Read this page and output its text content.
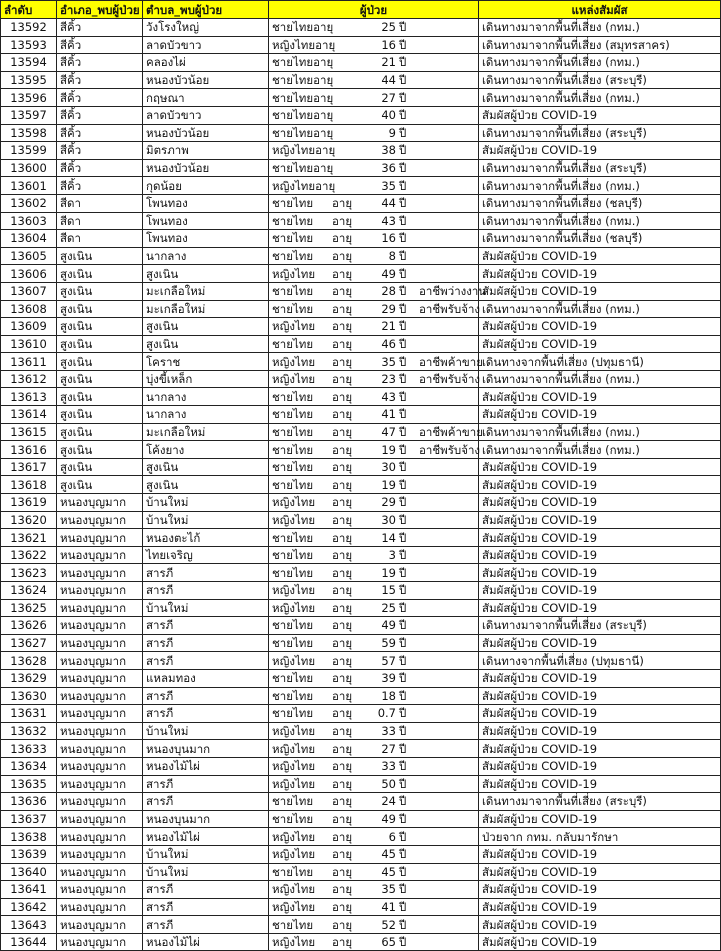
ลำดับ	อำเภอ_พบผู้ป่วย	ตำบล_พบผู้ป่วย	ผู้ป่วย	แหล่งสัมผัส
13592	สีคิ้ว	วังโรงใหญ่	ชายไทยอายุ 25 ปี	เดินทางมาจากพื้นที่เสี่ยง (กทม.)
13593	สีคิ้ว	ลาดบัวขาว	หญิงไทยอายุ 16 ปี	เดินทางมาจากพื้นที่เสี่ยง (สมุทรสาคร)
13594	สีคิ้ว	คลองไผ่	ชายไทยอายุ 21 ปี	เดินทางมาจากพื้นที่เสี่ยง (กทม.)
13595	สีคิ้ว	หนองบัวน้อย	ชายไทยอายุ 44 ปี	เดินทางมาจากพื้นที่เสี่ยง (สระบุรี)
13596	สีคิ้ว	กฤษณา	ชายไทยอายุ 27 ปี	เดินทางมาจากพื้นที่เสี่ยง (กทม.)
13597	สีคิ้ว	ลาดบัวขาว	ชายไทยอายุ 40 ปี	สัมผัสผู้ป่วย COVID-19
13598	สีคิ้ว	หนองบัวน้อย	ชายไทยอายุ 9 ปี	เดินทางมาจากพื้นที่เสี่ยง (สระบุรี)
13599	สีคิ้ว	มิตรภาพ	หญิงไทยอายุ 38 ปี	สัมผัสผู้ป่วย COVID-19
13600	สีคิ้ว	หนองบัวน้อย	ชายไทยอายุ 36 ปี	เดินทางมาจากพื้นที่เสี่ยง (สระบุรี)
13601	สีคิ้ว	กุดน้อย	หญิงไทยอายุ 35 ปี	เดินทางมาจากพื้นที่เสี่ยง (กทม.)
13602	สีดา	โพนทอง	ชายไทย อายุ 44 ปี	เดินทางมาจากพื้นที่เสี่ยง (ชลบุรี)
13603	สีดา	โพนทอง	ชายไทย อายุ 43 ปี	เดินทางมาจากพื้นที่เสี่ยง (กทม.)
13604	สีดา	โพนทอง	ชายไทย อายุ 16 ปี	เดินทางมาจากพื้นที่เสี่ยง (ชลบุรี)
13605	สูงเนิน	นากลาง	ชายไทย อายุ 8 ปี	สัมผัสผู้ป่วย COVID-19
13606	สูงเนิน	สูงเนิน	หญิงไทย อายุ 49 ปี	สัมผัสผู้ป่วย COVID-19
13607	สูงเนิน	มะเกลือใหม่	ชายไทย อายุ 28 ปี อาชีพว่างงาน	สัมผัสผู้ป่วย COVID-19
13608	สูงเนิน	มะเกลือใหม่	ชายไทย อายุ 29 ปี อาชีพรับจ้าง	เดินทางมาจากพื้นที่เสี่ยง (กทม.)
13609	สูงเนิน	สูงเนิน	หญิงไทย อายุ 21 ปี	สัมผัสผู้ป่วย COVID-19
13610	สูงเนิน	สูงเนิน	ชายไทย อายุ 46 ปี	สัมผัสผู้ป่วย COVID-19
13611	สูงเนิน	โคราช	หญิงไทย อายุ 35 ปี อาชีพค้าขาย	เดินทางจากพื้นที่เสี่ยง (ปทุมธานี)
13612	สูงเนิน	บุ่งขี้เหล็ก	หญิงไทย อายุ 23 ปี อาชีพรับจ้าง	เดินทางมาจากพื้นที่เสี่ยง (กทม.)
13613	สูงเนิน	นากลาง	ชายไทย อายุ 43 ปี	สัมผัสผู้ป่วย COVID-19
13614	สูงเนิน	นากลาง	ชายไทย อายุ 41 ปี	สัมผัสผู้ป่วย COVID-19
13615	สูงเนิน	มะเกลือใหม่	ชายไทย อายุ 47 ปี อาชีพค้าขาย	เดินทางมาจากพื้นที่เสี่ยง (กทม.)
13616	สูงเนิน	โค้งยาง	ชายไทย อายุ 19 ปี อาชีพรับจ้าง	เดินทางมาจากพื้นที่เสี่ยง (กทม.)
13617	สูงเนิน	สูงเนิน	ชายไทย อายุ 30 ปี	สัมผัสผู้ป่วย COVID-19
13618	สูงเนิน	สูงเนิน	ชายไทย อายุ 19 ปี	สัมผัสผู้ป่วย COVID-19
13619	หนองบุญมาก	บ้านใหม่	หญิงไทย อายุ 29 ปี	สัมผัสผู้ป่วย COVID-19
13620	หนองบุญมาก	บ้านใหม่	หญิงไทย อายุ 30 ปี	สัมผัสผู้ป่วย COVID-19
13621	หนองบุญมาก	หนองตะไก้	ชายไทย อายุ 14 ปี	สัมผัสผู้ป่วย COVID-19
13622	หนองบุญมาก	ไทยเจริญ	ชายไทย อายุ 3 ปี	สัมผัสผู้ป่วย COVID-19
13623	หนองบุญมาก	สารภี	ชายไทย อายุ 19 ปี	สัมผัสผู้ป่วย COVID-19
13624	หนองบุญมาก	สารภี	หญิงไทย อายุ 15 ปี	สัมผัสผู้ป่วย COVID-19
13625	หนองบุญมาก	บ้านใหม่	หญิงไทย อายุ 25 ปี	สัมผัสผู้ป่วย COVID-19
13626	หนองบุญมาก	สารภี	ชายไทย อายุ 49 ปี	เดินทางมาจากพื้นที่เสี่ยง (สระบุรี)
13627	หนองบุญมาก	สารภี	ชายไทย อายุ 59 ปี	สัมผัสผู้ป่วย COVID-19
13628	หนองบุญมาก	สารภี	หญิงไทย อายุ 57 ปี	เดินทางจากพื้นที่เสี่ยง (ปทุมธานี)
13629	หนองบุญมาก	แหลมทอง	ชายไทย อายุ 39 ปี	สัมผัสผู้ป่วย COVID-19
13630	หนองบุญมาก	สารภี	ชายไทย อายุ 18 ปี	สัมผัสผู้ป่วย COVID-19
13631	หนองบุญมาก	สารภี	ชายไทย อายุ 0.7 ปี	สัมผัสผู้ป่วย COVID-19
13632	หนองบุญมาก	บ้านใหม่	หญิงไทย อายุ 33 ปี	สัมผัสผู้ป่วย COVID-19
13633	หนองบุญมาก	หนองบุนมาก	หญิงไทย อายุ 27 ปี	สัมผัสผู้ป่วย COVID-19
13634	หนองบุญมาก	หนองไม้ไผ่	หญิงไทย อายุ 33 ปี	สัมผัสผู้ป่วย COVID-19
13635	หนองบุญมาก	สารภี	หญิงไทย อายุ 50 ปี	สัมผัสผู้ป่วย COVID-19
13636	หนองบุญมาก	สารภี	ชายไทย อายุ 24 ปี	เดินทางมาจากพื้นที่เสี่ยง (สระบุรี)
13637	หนองบุญมาก	หนองบุนมาก	ชายไทย อายุ 49 ปี	สัมผัสผู้ป่วย COVID-19
13638	หนองบุญมาก	หนองไม้ไผ่	หญิงไทย อายุ 6 ปี	ป่วยจาก กทม. กลับมารักษา
13639	หนองบุญมาก	บ้านใหม่	หญิงไทย อายุ 45 ปี	สัมผัสผู้ป่วย COVID-19
13640	หนองบุญมาก	บ้านใหม่	ชายไทย อายุ 45 ปี	สัมผัสผู้ป่วย COVID-19
13641	หนองบุญมาก	สารภี	หญิงไทย อายุ 35 ปี	สัมผัสผู้ป่วย COVID-19
13642	หนองบุญมาก	สารภี	หญิงไทย อายุ 41 ปี	สัมผัสผู้ป่วย COVID-19
13643	หนองบุญมาก	สารภี	ชายไทย อายุ 52 ปี	สัมผัสผู้ป่วย COVID-19
13644	หนองบุญมาก	หนองไม้ไผ่	หญิงไทย อายุ 65 ปี	สัมผัสผู้ป่วย COVID-19
